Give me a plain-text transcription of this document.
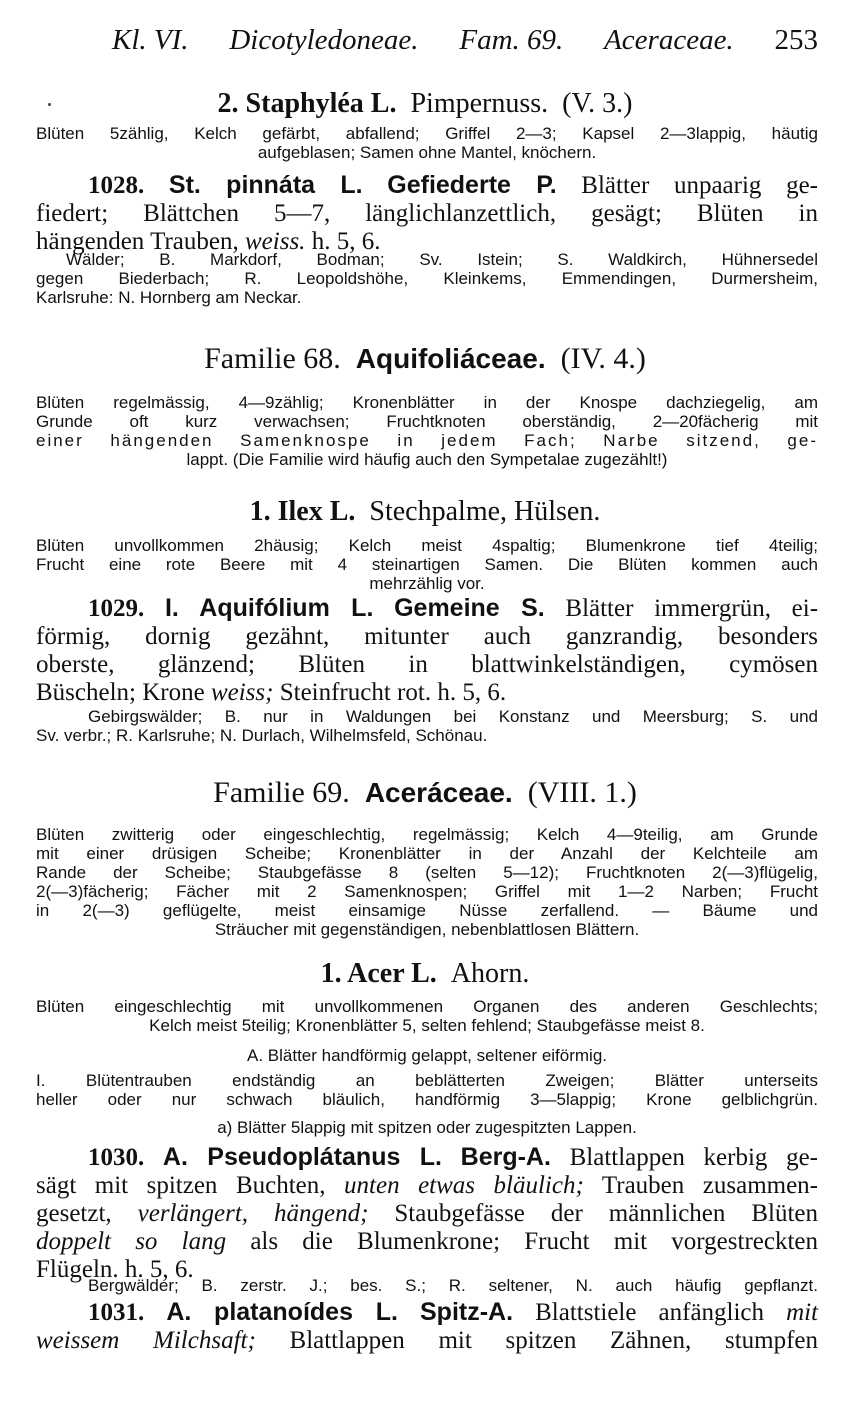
Kl. VI. Dicotyledoneae. Fam. 69. Aceraceae. 253
2. Staphyléa L. Pimpernuss. (V. 3.)
Blüten 5zählig, Kelch gefärbt, abfallend; Griffel 2—3; Kapsel 2—3lappig, häutig
aufgeblasen; Samen ohne Mantel, knöchern.
1028. St. pinnáta L. Gefiederte P. Blätter unpaarig ge-
fiedert; Blättchen 5—7, länglichlanzettlich, gesägt; Blüten in
hängenden Trauben, weiss. h. 5, 6.
Wälder; B. Markdorf, Bodman; Sv. Istein; S. Waldkirch, Hühnersedel
gegen Biederbach; R. Leopoldshöhe, Kleinkems, Emmendingen, Durmersheim,
Karlsruhe: N. Hornberg am Neckar.
Familie 68. Aquifoliáceae. (IV. 4.)
Blüten regelmässig, 4—9zählig; Kronenblätter in der Knospe dachziegelig, am
Grunde oft kurz verwachsen; Fruchtknoten oberständig, 2—20fächerig mit
einer hängenden Samenknospe in jedem Fach; Narbe sitzend, ge-
lappt. (Die Familie wird häufig auch den Sympetalae zugezählt!)
1. Ilex L. Stechpalme, Hülsen.
Blüten unvollkommen 2häusig; Kelch meist 4spaltig; Blumenkrone tief 4teilig;
Frucht eine rote Beere mit 4 steinartigen Samen. Die Blüten kommen auch
mehrzählig vor.
1029. I. Aquifólium L. Gemeine S. Blätter immergrün, ei-
förmig, dornig gezähnt, mitunter auch ganzrandig, besonders
oberste, glänzend; Blüten in blattwinkelständigen, cymösen
Büscheln; Krone weiss; Steinfrucht rot. h. 5, 6.
Gebirgswälder; B. nur in Waldungen bei Konstanz und Meersburg; S. und
Sv. verbr.; R. Karlsruhe; N. Durlach, Wilhelmsfeld, Schönau.
Familie 69. Aceráceae. (VIII. 1.)
Blüten zwitterig oder eingeschlechtig, regelmässig; Kelch 4—9teilig, am Grunde
mit einer drüsigen Scheibe; Kronenblätter in der Anzahl der Kelchteile am
Rande der Scheibe; Staubgefässe 8 (selten 5—12); Fruchtknoten 2(—3)flügelig,
2(—3)fächerig; Fächer mit 2 Samenknospen; Griffel mit 1—2 Narben; Frucht
in 2(—3) geflügelte, meist einsamige Nüsse zerfallend. — Bäume und
Sträucher mit gegenständigen, nebenblattlosen Blättern.
1. Acer L. Ahorn.
Blüten eingeschlechtig mit unvollkommenen Organen des anderen Geschlechts;
Kelch meist 5teilig; Kronenblätter 5, selten fehlend; Staubgefässe meist 8.
A. Blätter handförmig gelappt, seltener eiförmig.
I. Blütentrauben endständig an beblätterten Zweigen; Blätter unterseits
heller oder nur schwach bläulich, handförmig 3—5lappig; Krone gelblichgrün.
a) Blätter 5lappig mit spitzen oder zugespitzten Lappen.
1030. A. Pseudoplátanus L. Berg-A. Blattlappen kerbig ge-
sägt mit spitzen Buchten, unten etwas bläulich; Trauben zusammen-
gesetzt, verlängert, hängend; Staubgefässe der männlichen Blüten
doppelt so lang als die Blumenkrone; Frucht mit vorgestreckten
Flügeln. h. 5, 6.
Bergwälder; B. zerstr. J.; bes. S.; R. seltener, N. auch häufig gepflanzt.
1031. A. platanoídes L. Spitz-A. Blattstiele anfänglich mit
weissem Milchsaft; Blattlappen mit spitzen Zähnen, stumpfen
